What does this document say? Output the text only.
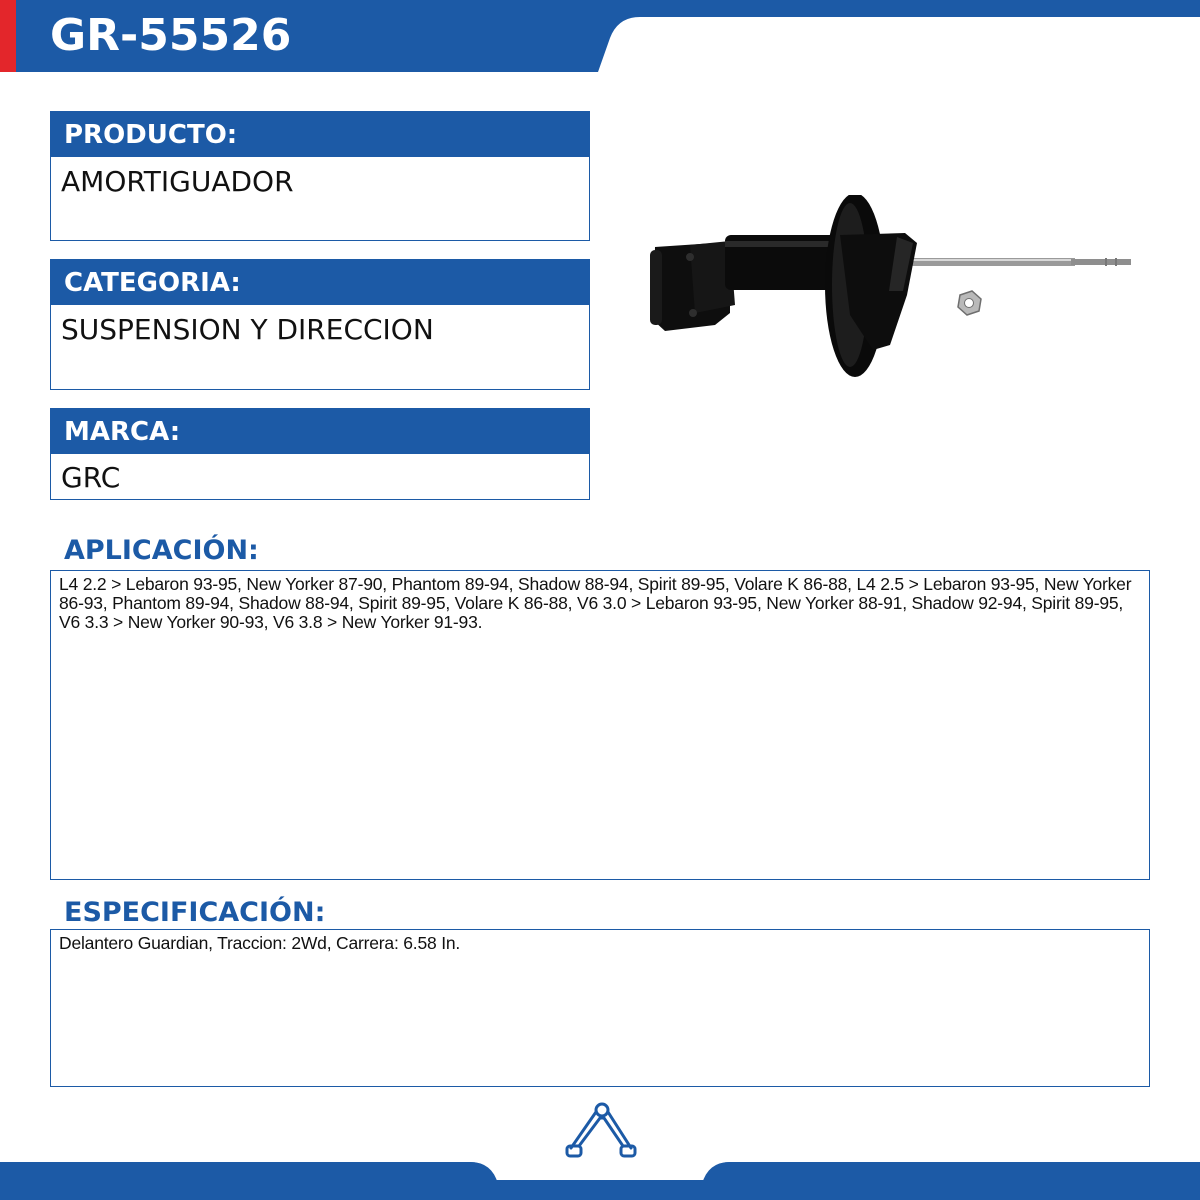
GR-55526
PRODUCTO:
AMORTIGUADOR
CATEGORIA:
SUSPENSION Y DIRECCION
MARCA:
GRC
APLICACIÓN:
L4 2.2 > Lebaron 93-95, New Yorker 87-90, Phantom 89-94, Shadow 88-94, Spirit 89-95, Volare K 86-88, L4 2.5 > Lebaron 93-95, New Yorker 86-93, Phantom 89-94, Shadow 88-94, Spirit 89-95, Volare K 86-88, V6 3.0 > Lebaron 93-95, New Yorker 88-91, Shadow 92-94, Spirit 89-95, V6 3.3 > New Yorker 90-93, V6 3.8 > New Yorker 91-93.
ESPECIFICACIÓN:
Delantero Guardian, Traccion: 2Wd, Carrera: 6.58 In.
SUSPENSIÓN Y DIRECCIÓN
